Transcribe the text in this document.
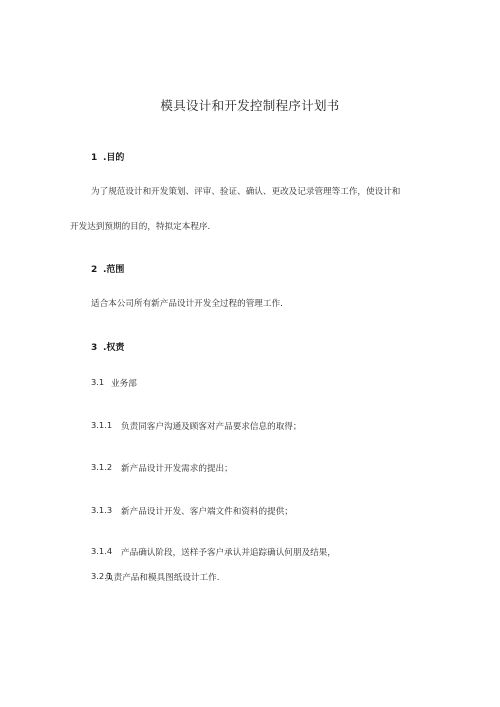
模具设计和开发控制程序计划书
1 .目的
为了规范设计和开发策划、评审、验证、确认、更改及记录管理等工作，使设计和
开发达到预期的目的，特拟定本程序.
2 .范围
适合本公司所有新产品设计开发全过程的管理工作.
3 .权责
3.1 业务部
3.1.1 负责同客户沟通及顾客对产品要求信息的取得；
3.1.2 新产品设计开发需求的提出；
3.1.3 新产品设计开发、客户端文件和资料的提供；
3.1.4 产品确认阶段，送样予客户承认并追踪确认何朋及结果，
3.2.1
负责产品和模具图纸设计工作.
